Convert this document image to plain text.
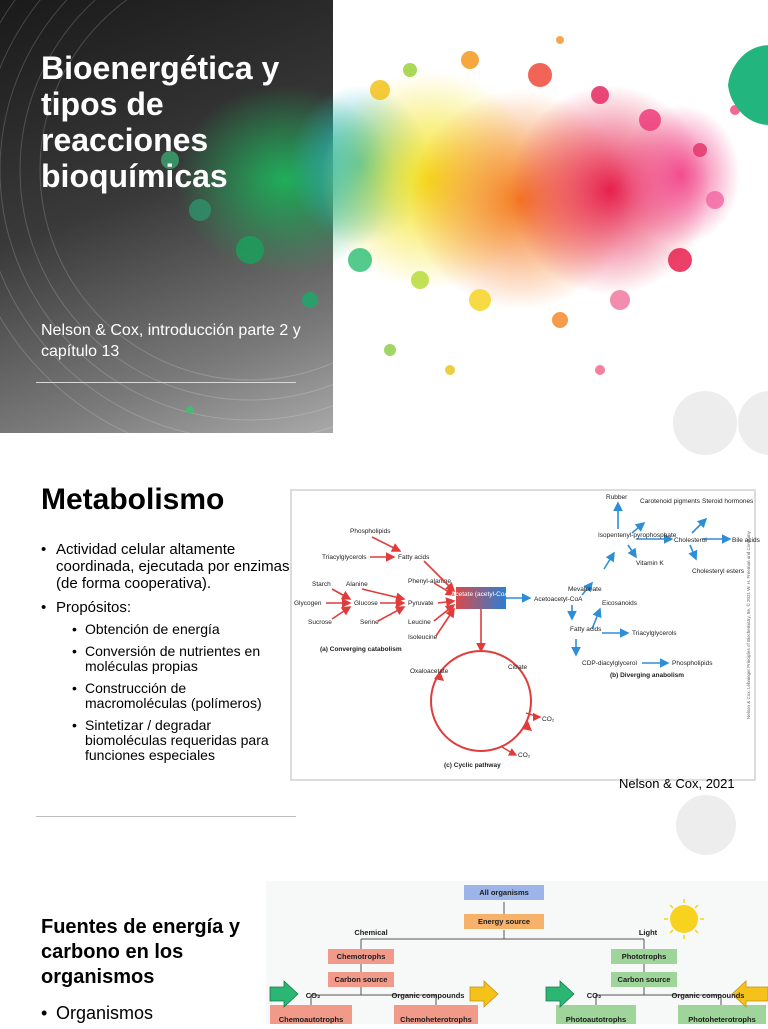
Bioenergética y tipos de reacciones bioquímicas
Nelson & Cox, introducción parte 2 y capítulo 13
Metabolismo
• Actividad celular altamente coordinada, ejecutada por enzimas (de forma cooperativa).
• Propósitos:
• Obtención de energía
• Conversión de nutrientes en moléculas propias
• Construcción de macromoléculas (polímeros)
• Sintetizar / degradar biomoléculas requeridas para funciones especiales
Phospholipids
Triacylglycerols	Fatty acids
Starch Alanine	Phenyl-alanine
Glycogen	Glucose	Pyruvate
Sucrose	Serine	Leucine
Isoleucine
(a) Converging catabolism
Acetate (acetyl-CoA)
Acetoacetyl-CoA
Mevalonate
Isopentenyl-pyrophosphate
Rubber
Carotenoid pigments Steroid hormones
Cholesterol	Bile acids
Vitamin K
Cholesteryl esters
Eicosanoids
Fatty acids
Triacylglycerols
CDP-diacylglycerol	Phospholipids
(b) Diverging anabolism
Oxaloacetate
Citrate
CO₂
CO₂
(c) Cyclic pathway
Nelson & Cox, Lehninger Principles of Biochemistry, 8e, © 2021 W. H. Freeman and Company
Nelson & Cox, 2021
Fuentes de energía y carbono en los organismos
• Organismos
All organisms
Energy source
Chemical	Light
Chemotrophs
Carbon source
Phototrophs
Carbon source
CO₂	Organic compounds	CO₂	Organic compounds
Chemoautotrophs	Chemoheterotrophs	Photoautotrophs	Photoheterotrophs
